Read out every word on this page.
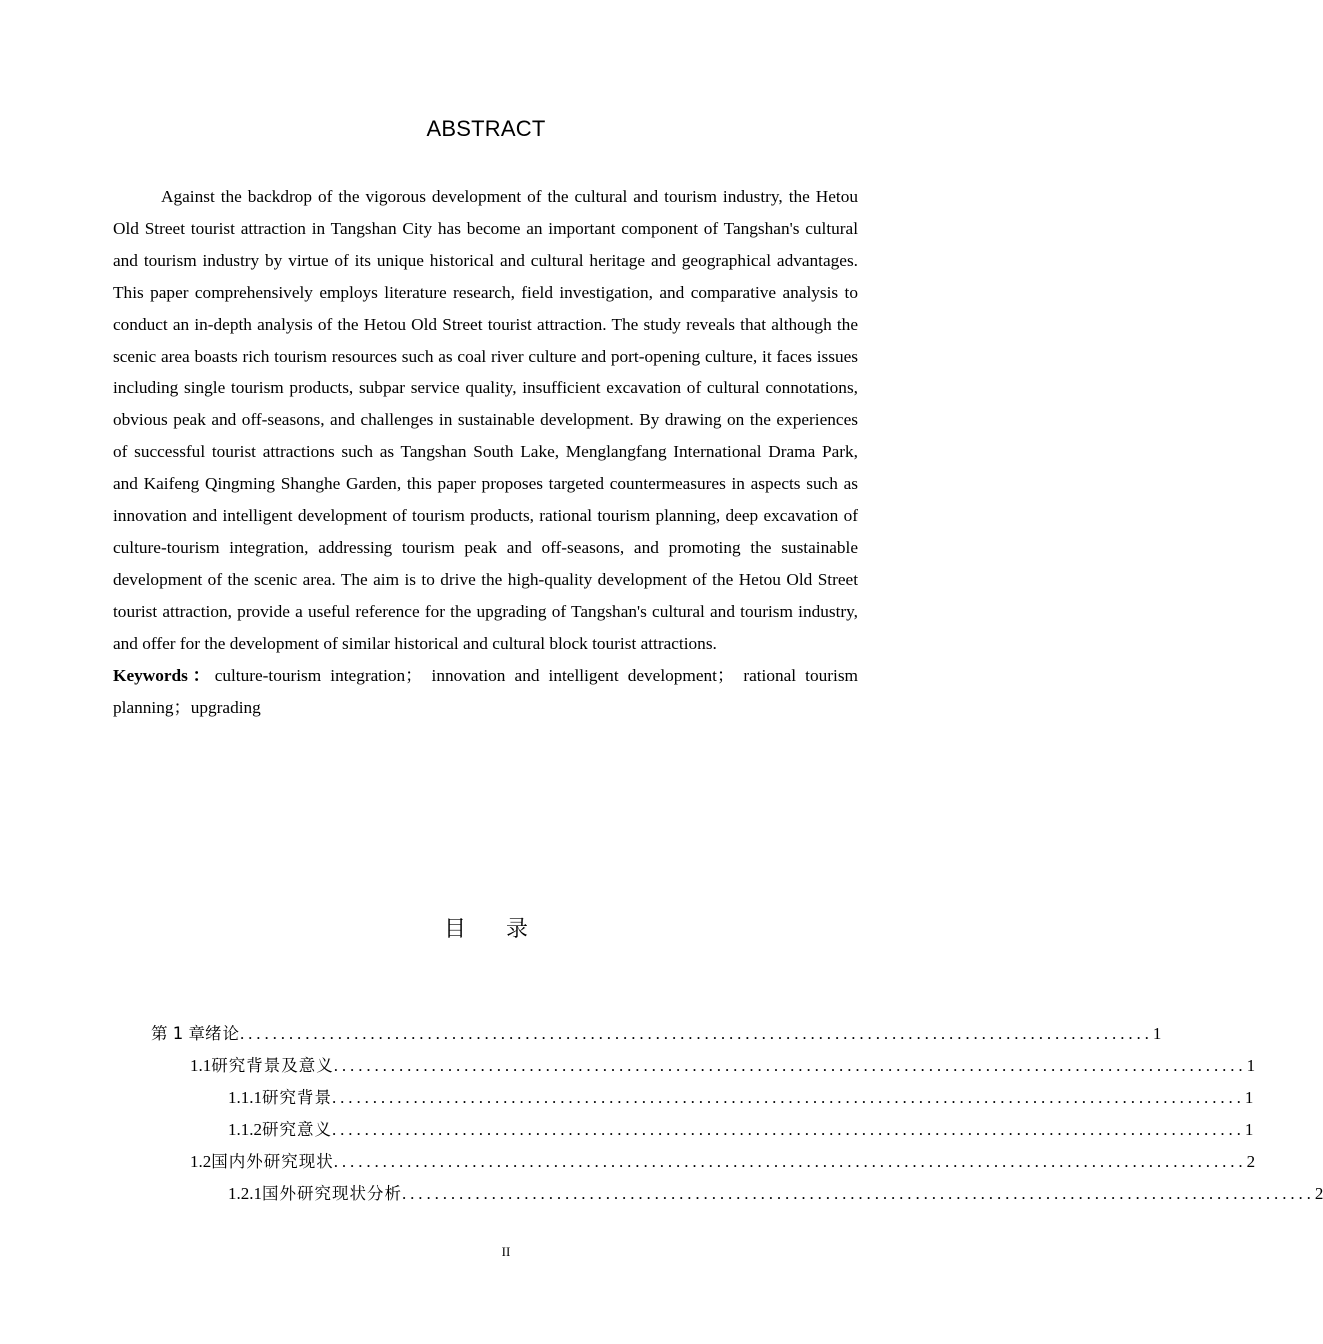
ABSTRACT

Against the backdrop of the vigorous development of the cultural and tourism industry, the Hetou Old Street tourist attraction in Tangshan City has become an important component of Tangshan's cultural and tourism industry by virtue of its unique historical and cultural heritage and geographical advantages. This paper comprehensively employs literature research, field investigation, and comparative analysis to conduct an in-depth analysis of the Hetou Old Street tourist attraction. The study reveals that although the scenic area boasts rich tourism resources such as coal river culture and port-opening culture, it faces issues including single tourism products, subpar service quality, insufficient excavation of cultural connotations, obvious peak and off-seasons, and challenges in sustainable development. By drawing on the experiences of successful tourist attractions such as Tangshan South Lake, Menglangfang International Drama Park, and Kaifeng Qingming Shanghe Garden, this paper proposes targeted countermeasures in aspects such as innovation and intelligent development of tourism products, rational tourism planning, deep excavation of culture-tourism integration, addressing tourism peak and off-seasons, and promoting the sustainable development of the scenic area. The aim is to drive the high-quality development of the Hetou Old Street tourist attraction, provide a useful reference for the upgrading of Tangshan's cultural and tourism industry, and offer for the development of similar historical and cultural block tourist attractions.

Keywords：culture-tourism integration； innovation and intelligent development； rational tourism planning；upgrading

目 录
第 1 章 绪论 ................................................................................................................ 1
1.1 研究背景及意义 ................................................................................................................ 1
1.1.1 研究背景 ................................................................................................................ 1
1.1.2 研究意义 ................................................................................................................ 1
1.2 国内外研究现状 ................................................................................................................ 2
1.2.1 国外研究现状分析 ................................................................................................................ 2
II
